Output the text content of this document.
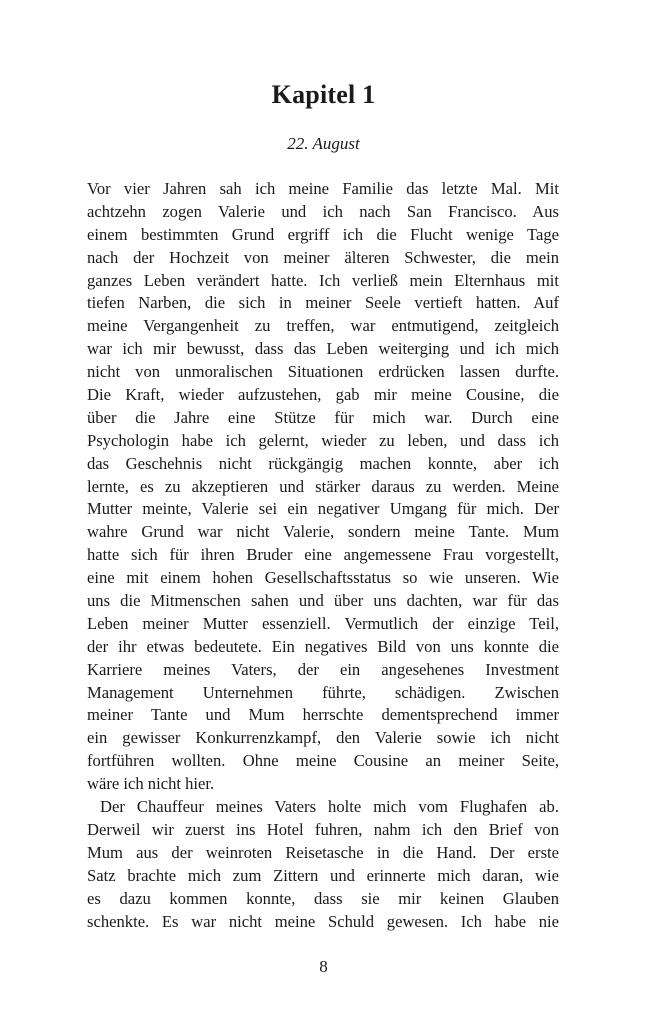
Kapitel 1
22. August
Vor vier Jahren sah ich meine Familie das letzte Mal. Mit
achtzehn zogen Valerie und ich nach San Francisco. Aus
einem bestimmten Grund ergriff ich die Flucht wenige Tage
nach der Hochzeit von meiner älteren Schwester, die mein
ganzes Leben verändert hatte. Ich verließ mein Elternhaus mit
tiefen Narben, die sich in meiner Seele vertieft hatten. Auf
meine Vergangenheit zu treffen, war entmutigend, zeitgleich
war ich mir bewusst, dass das Leben weiterging und ich mich
nicht von unmoralischen Situationen erdrücken lassen durfte.
Die Kraft, wieder aufzustehen, gab mir meine Cousine, die
über die Jahre eine Stütze für mich war. Durch eine
Psychologin habe ich gelernt, wieder zu leben, und dass ich
das Geschehnis nicht rückgängig machen konnte, aber ich
lernte, es zu akzeptieren und stärker daraus zu werden. Meine
Mutter meinte, Valerie sei ein negativer Umgang für mich. Der
wahre Grund war nicht Valerie, sondern meine Tante. Mum
hatte sich für ihren Bruder eine angemessene Frau vorgestellt,
eine mit einem hohen Gesellschaftsstatus so wie unseren. Wie
uns die Mitmenschen sahen und über uns dachten, war für das
Leben meiner Mutter essenziell. Vermutlich der einzige Teil,
der ihr etwas bedeutete. Ein negatives Bild von uns konnte die
Karriere meines Vaters, der ein angesehenes Investment
Management Unternehmen führte, schädigen. Zwischen
meiner Tante und Mum herrschte dementsprechend immer
ein gewisser Konkurrenzkampf, den Valerie sowie ich nicht
fortführen wollten. Ohne meine Cousine an meiner Seite,
wäre ich nicht hier.
Der Chauffeur meines Vaters holte mich vom Flughafen ab.
Derweil wir zuerst ins Hotel fuhren, nahm ich den Brief von
Mum aus der weinroten Reisetasche in die Hand. Der erste
Satz brachte mich zum Zittern und erinnerte mich daran, wie
es dazu kommen konnte, dass sie mir keinen Glauben
schenkte. Es war nicht meine Schuld gewesen. Ich habe nie
8
